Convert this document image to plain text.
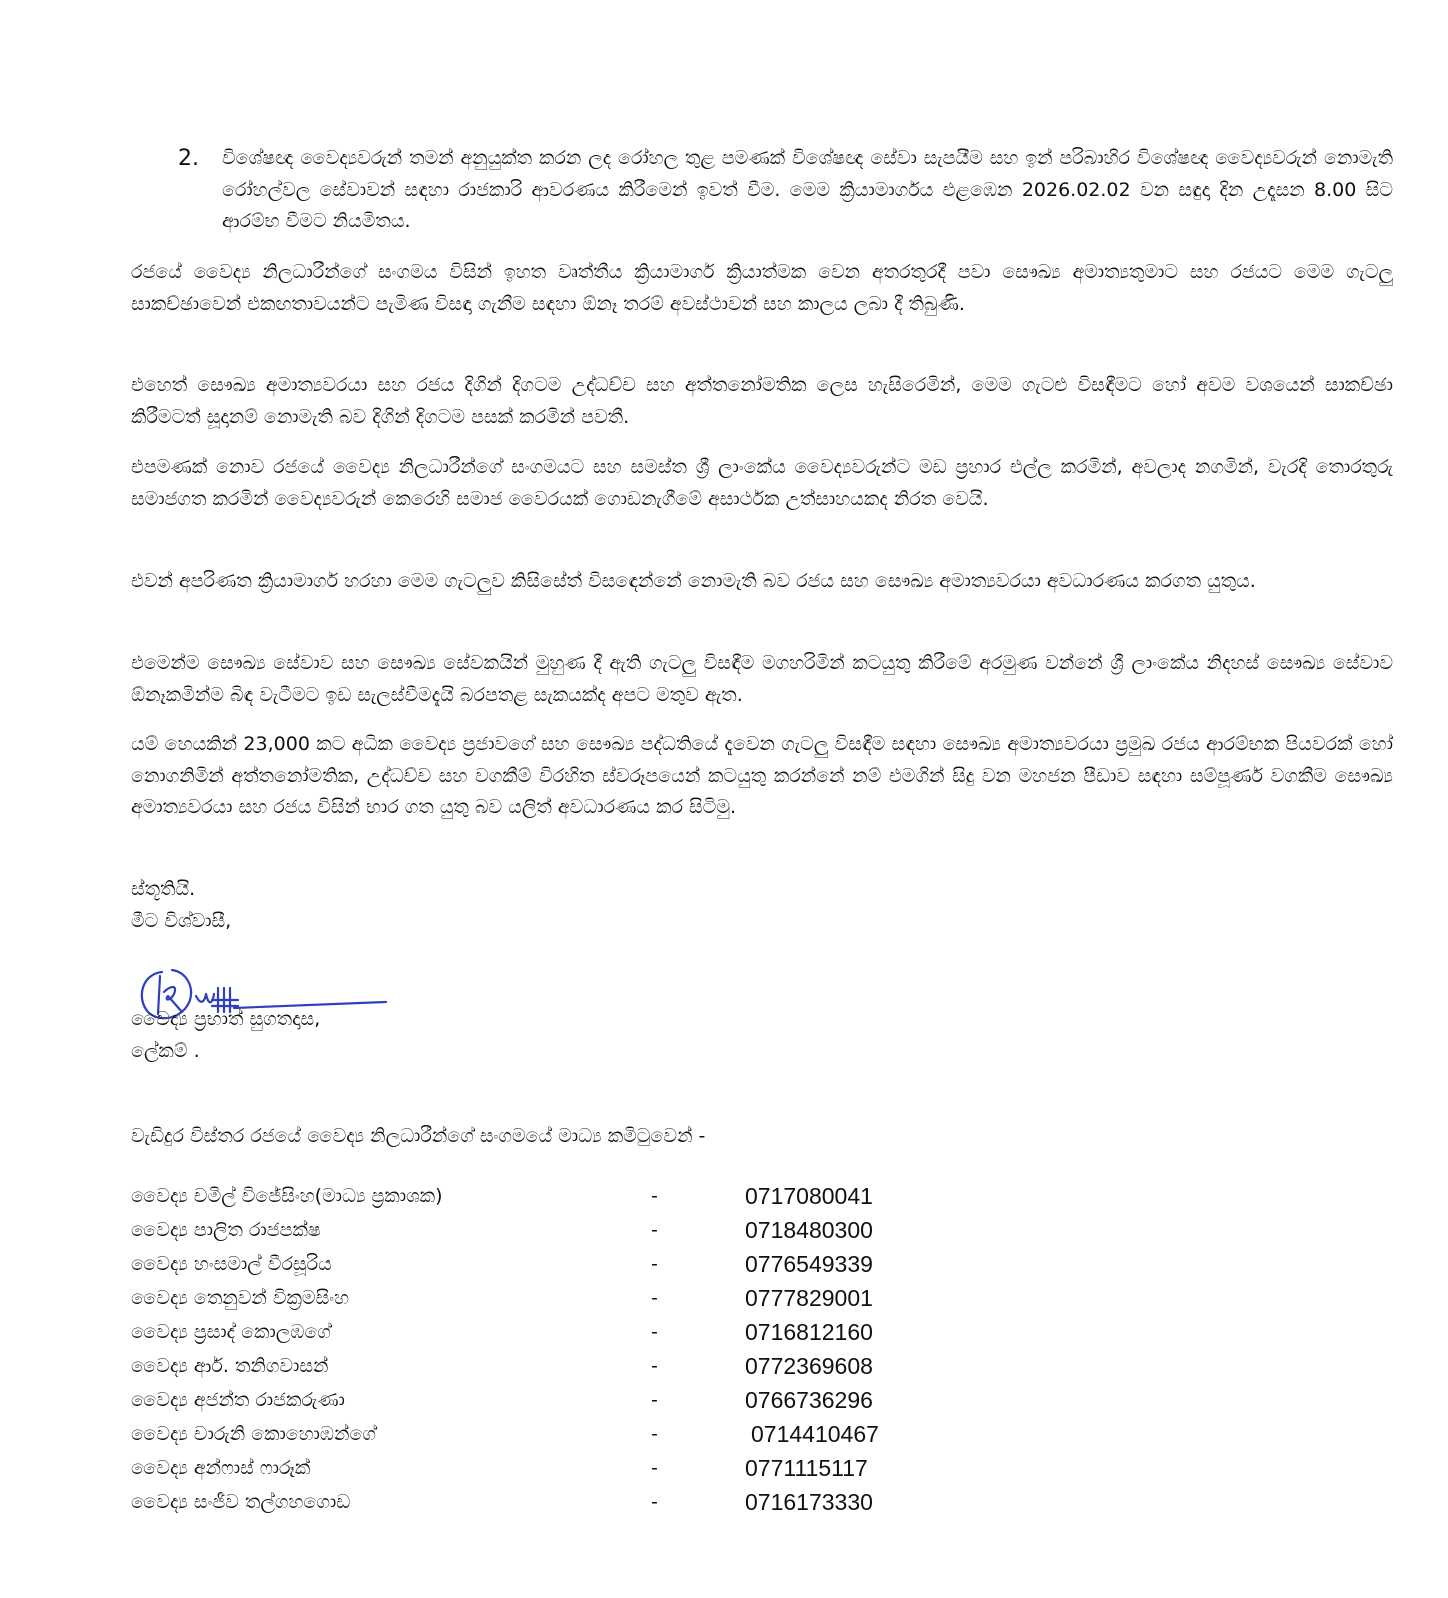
2. විශේෂඥ වෛද්‍යවරුන් තමන් අනුයුක්ත කරන ලද රෝහල තුළ පමණක් විශේෂඥ සේවා සැපයීම සහ ඉන් පරිබාහිර විශේෂඥ වෛද්‍යවරුන් නොමැති රෝහල්වල සේවාවන් සඳහා රාජකාරි ආවරණය කිරීමෙන් ඉවත් වීම. මෙම ක්‍රියාමාර්ගය එළඹෙන 2026.02.02 වන සඳුදා දින උදෑසන 8.00 සිට ආරම්භ වීමට නියමිතය.

රජයේ වෛද්‍ය නිලධාරීන්ගේ සංගමය විසින් ඉහත වෘත්තීය ක්‍රියාමාර්ග ක්‍රියාත්මක වෙන අතරතුරදී පවා සෞඛ්‍ය අමාත්‍යතුමාට සහ රජයට මෙම ගැටලු සාකච්ඡාවෙන් එකඟතාවයන්ට පැමිණ විසඳා ගැනීම සඳහා ඕනෑ තරම් අවස්ථාවන් සහ කාලය ලබා දී තිබුණි.

එහෙත් සෞඛ්‍ය අමාත්‍යවරයා සහ රජය දිගින් දිගටම උද්ධච්ච සහ අත්තනෝමතික ලෙස හැසිරෙමින්, මෙම ගැටළු විසඳීමට හෝ අවම වශයෙන් සාකච්ඡා කිරීමටත් සූදානම් නොමැති බව දිගින් දිගටම පසක් කරමින් පවතී.

එපමණක් නොව රජයේ වෛද්‍ය නිලධාරීන්ගේ සංගමයට සහ සමස්ත ශ්‍රී ලාංකේය වෛද්‍යවරුන්ට මඩ ප්‍රහාර එල්ල කරමින්, අවලාද නගමින්, වැරදි තොරතුරු සමාජගත කරමින් වෛද්‍යවරුන් කෙරෙහි සමාජ වෛරයක් ගොඩනැගීමේ අසාර්ථක උත්සාහයකද නිරත වෙයි.

එවන් අපරිණත ක්‍රියාමාර්ග හරහා මෙම ගැටලුව කිසිසේත් විසඳෙන්නේ නොමැති බව රජය සහ සෞඛ්‍ය අමාත්‍යවරයා අවධාරණය කරගත යුතුය.

එමෙන්ම සෞඛ්‍ය සේවාව සහ සෞඛ්‍ය සේවකයින් මුහුණ දී ඇති ගැටලු විසඳීම මගහරිමින් කටයුතු කිරීමේ අරමුණ වන්නේ ශ්‍රී ලාංකේය නිදහස් සෞඛ්‍ය සේවාව ඕනෑකමින්ම බිඳ වැටීමට ඉඩ සැලස්වීමදැයි බරපතළ සැකයක්ද අපට මතුව ඇත.

යම් හෙයකින් 23,000 කට අධික වෛද්‍ය ප්‍රජාවගේ සහ සෞඛ්‍ය පද්ධතියේ දැවෙන ගැටලු විසඳීම සඳහා සෞඛ්‍ය අමාත්‍යවරයා ප්‍රමුඛ රජය ආරම්භක පියවරක් හෝ නොගනිමින් අත්තනෝමතික, උද්ධච්ච සහ වගකීම් විරහිත ස්වරූපයෙන් කටයුතු කරන්නේ නම් එමගින් සිදු වන මහජන පීඩාව සඳහා සම්පූර්ණ වගකීම සෞඛ්‍ය අමාත්‍යවරයා සහ රජය විසින් භාර ගත යුතු බව යලිත් අවධාරණය කර සිටිමු.

ස්තූතියි.
මීට විශ්වාසී,
වෛද්‍ය ප්‍රභාත් සුගතදාස,
ලේකම් .
වැඩිදුර විස්තර රජයේ වෛද්‍ය නිලධාරීන්ගේ සංගමයේ මාධ්‍ය කමිටුවෙන් -
වෛද්‍ය චමිල් විජේසිංහ(මාධ්‍ය ප්‍රකාශක)	-	0717080041
වෛද්‍ය පාලිත රාජපක්ෂ	-	0718480300
වෛද්‍ය හංසමාල් වීරසූරිය	-	0776549339
වෛද්‍ය තෙනුවන් වික්‍රමසිංහ	-	0777829001
වෛද්‍ය ප්‍රසාද් කොලඹගේ	-	0716812160
වෛද්‍ය ආර්. තනිගවාසන්	-	0772369608
වෛද්‍ය අජන්ත රාජකරුණා	-	0766736296
වෛද්‍ය චාරුනි කොහොඹන්ගේ	-	0714410467
වෛද්‍ය අන්ෆාස් ෆාරූක්	-	0771115117
වෛද්‍ය සංජීව තල්ගහගොඩ	-	0716173330
